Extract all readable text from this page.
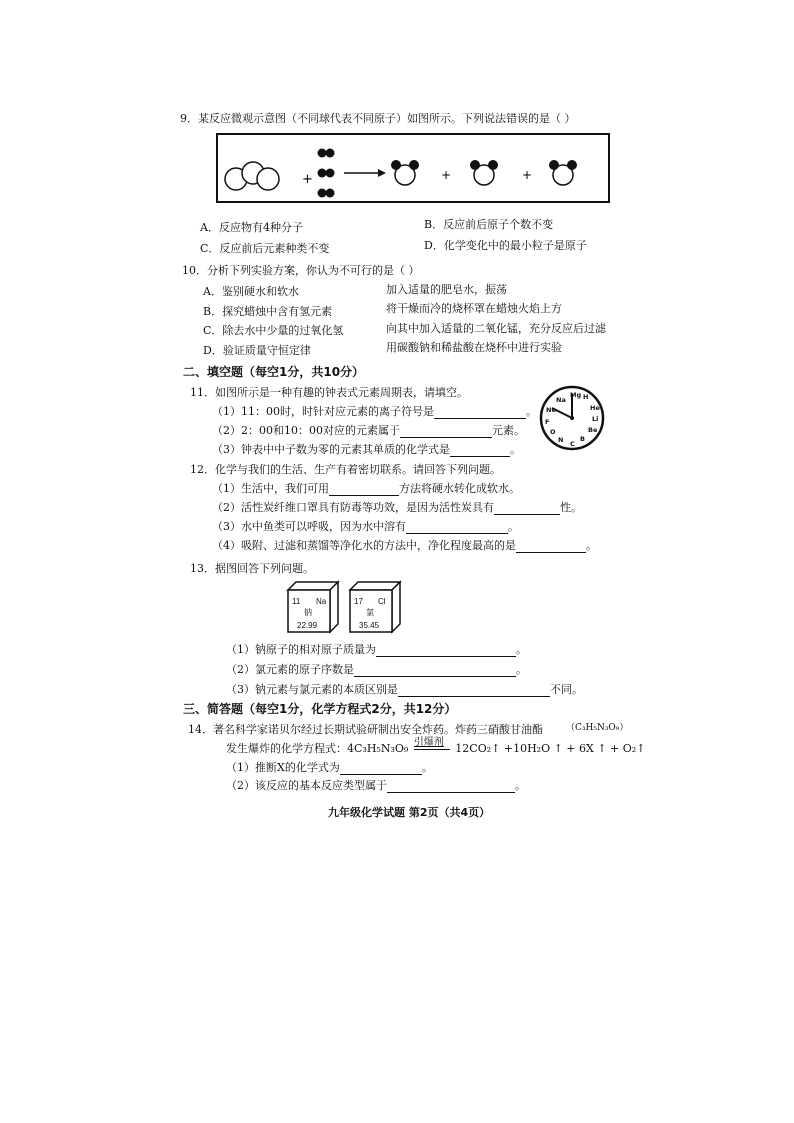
9．某反应微观示意图（不同球代表不同原子）如图所示。下列说法错误的是（ ）
+	+	+
A．反应物有4种分子	B．反应前后原子个数不变
C．反应前后元素种类不变	D．化学变化中的最小粒子是原子
10．分析下列实验方案，你认为不可行的是（ ）
A．鉴别硬水和软水	加入适量的肥皂水，振荡
B．探究蜡烛中含有氢元素	将干燥而冷的烧杯罩在蜡烛火焰上方
C．除去水中少量的过氧化氢	向其中加入适量的二氧化锰，充分反应后过滤
D．验证质量守恒定律	用碳酸钠和稀盐酸在烧杯中进行实验
二、填空题（每空1分，共10分）
11．如图所示是一种有趣的钟表式元素周期表，请填空。
（1）11：00时，时针对应元素的离子符号是	。
（2）2：00和10：00对应的元素属于	元素。
（3）钟表中中子数为零的元素其单质的化学式是	。
Mg H
He
Li
Be
B
C
N
O
F
Ne
Na
12．化学与我们的生活、生产有着密切联系。请回答下列问题。
（1）生活中，我们可用	方法将硬水转化成软水。
（2）活性炭纤维口罩具有防毒等功效，是因为活性炭具有	性。
（3）水中鱼类可以呼吸，因为水中溶有	。
（4）吸附、过滤和蒸馏等净化水的方法中，净化程度最高的是	。
13．据图回答下列问题。
11 Na
钠
22.99
17 Cl
氯
35.45
（1）钠原子的相对原子质量为	。
（2）氯元素的原子序数是	。
（3）钠元素与氯元素的本质区别是	不同。
三、简答题（每空1分，化学方程式2分，共12分）
14．著名科学家诺贝尔经过长期试验研制出安全炸药。炸药三硝酸甘油酯	（C₃H₅N₃O₉）
发生爆炸的化学方程式：4C₃H₅N₃O₉ 引爆剂 12CO₂↑ +10H₂O ↑ + 6X ↑ + O₂↑
（1）推断X的化学式为	。
（2）该反应的基本反应类型属于	。
九年级化学试题 第2页（共4页）
